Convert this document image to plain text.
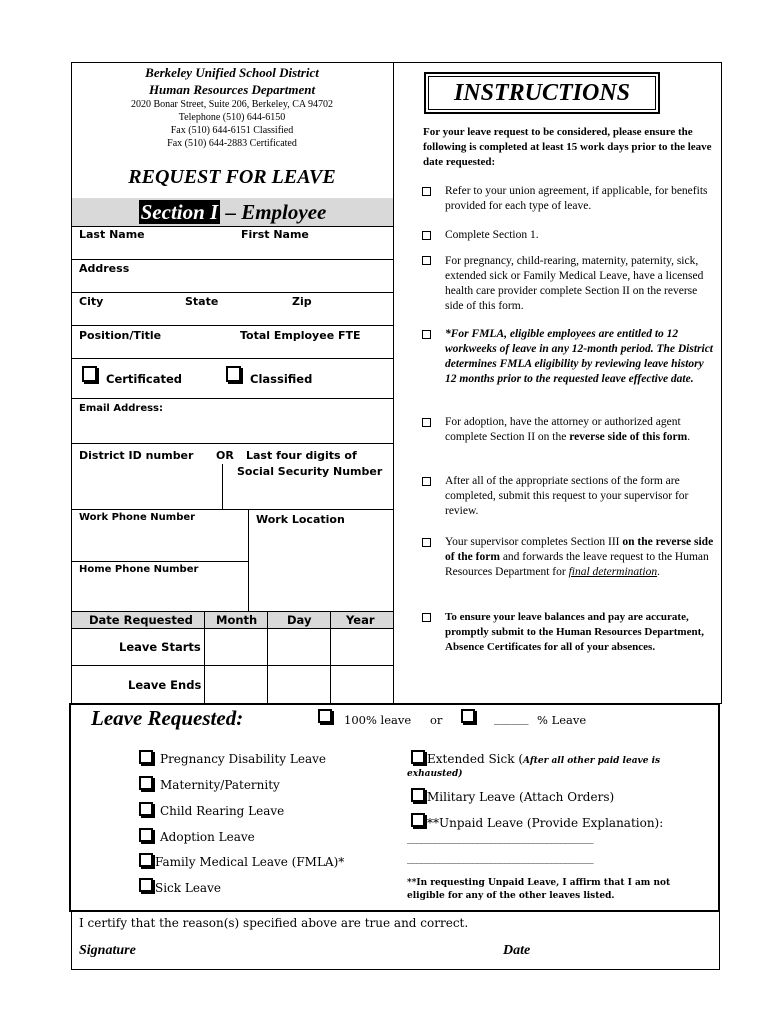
Berkeley Unified School District
Human Resources Department
2020 Bonar Street, Suite 206, Berkeley, CA 94702
Telephone (510) 644-6150
Fax (510) 644-6151 Classified
Fax (510) 644-2883 Certificated
REQUEST FOR LEAVE
Section I – Employee
Last Name	First Name
Address
City	State	Zip
Position/Title	Total Employee FTE
Certificated	Classified
Email Address:
District ID number OR Last four digits of
Social Security Number
Work Phone Number	Work Location
Home Phone Number
Date Requested Month	Day	Year
Leave Starts
Leave Ends
INSTRUCTIONS
For your leave request to be considered, please ensure the following is completed at least 15 work days prior to the leave date requested:
Refer to your union agreement, if applicable, for benefits provided for each type of leave.
Complete Section 1.
For pregnancy, child-rearing, maternity, paternity, sick, extended sick or Family Medical Leave, have a licensed health care provider complete Section II on the reverse side of this form.
*For FMLA, eligible employees are entitled to 12 workweeks of leave in any 12-month period. The District determines FMLA eligibility by reviewing leave history 12 months prior to the requested leave effective date.
For adoption, have the attorney or authorized agent complete Section II on the reverse side of this form.
After all of the appropriate sections of the form are completed, submit this request to your supervisor for review.
Your supervisor completes Section III on the reverse side of the form and forwards the leave request to the Human Resources Department for final determination.
To ensure your leave balances and pay are accurate, promptly submit to the Human Resources Department, Absence Certificates for all of your absences.
Leave Requested:	100% leave or	______ % Leave
Pregnancy Disability Leave
Maternity/Paternity
Child Rearing Leave
Adoption Leave
Family Medical Leave (FMLA)*
Sick Leave
Extended Sick (After all other paid leave is
exhausted)
Military Leave (Attach Orders)
**Unpaid Leave (Provide Explanation):
________________________________________
________________________________________
**In requesting Unpaid Leave, I affirm that I am not eligible for any of the other leaves listed.
I certify that the reason(s) specified above are true and correct.
Signature	Date
